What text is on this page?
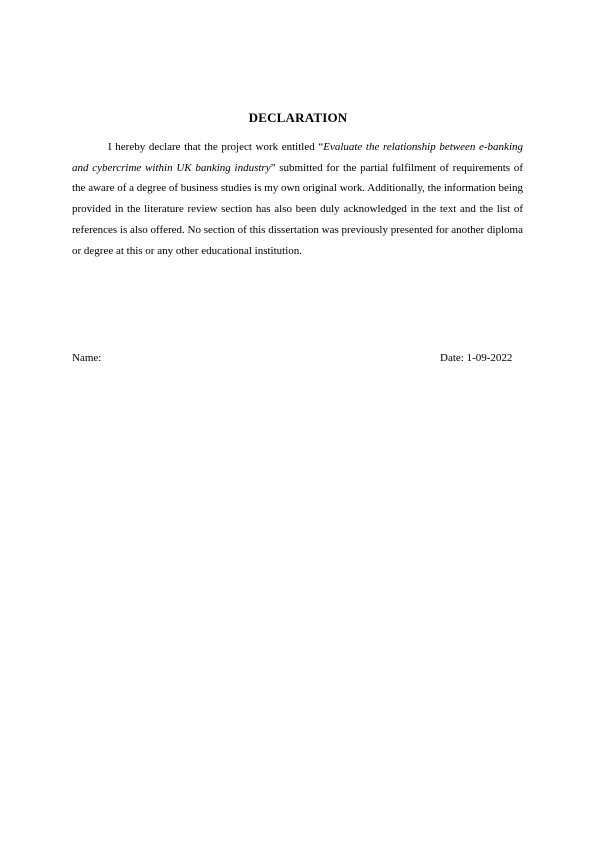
DECLARATION

I hereby declare that the project work entitled “Evaluate the relationship between e-banking and cybercrime within UK banking industry” submitted for the partial fulfilment of requirements of the aware of a degree of business studies is my own original work. Additionally, the information being provided in the literature review section has also been duly acknowledged in the text and the list of references is also offered. No section of this dissertation was previously presented for another diploma or degree at this or any other educational institution.

Name:	Date: 1-09-2022
